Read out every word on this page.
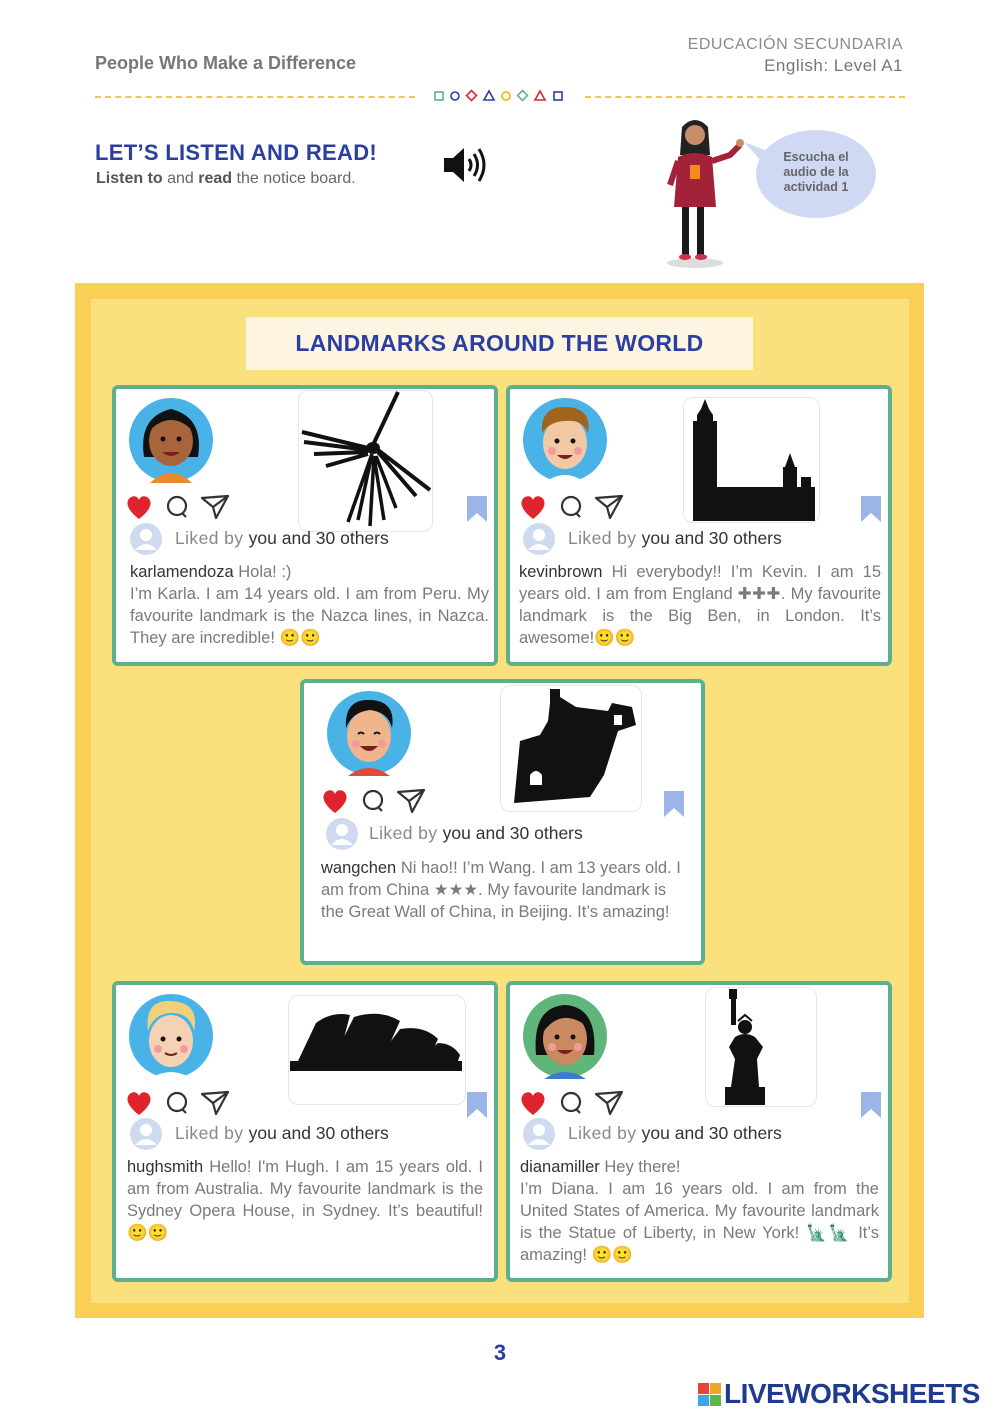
People Who Make a Difference
EDUCACIÓN SECUNDARIA
English: Level A1
LET’S LISTEN AND READ!
Listen to and read the notice board.
Escucha el
audio de la
actividad 1
LANDMARKS AROUND THE WORLD
Liked by you and 30 others
karlamendoza Hola! :)
I’m Karla. I am 14 years old. I am from Peru. My favourite landmark is the Nazca lines, in Nazca. They are incredible! 🙂🙂
Liked by you and 30 others
kevinbrown Hi everybody!! I’m Kevin. I am 15 years old. I am from England ✚✚✚. My favourite landmark is the Big Ben, in London. It’s awesome!🙂🙂
Liked by you and 30 others
wangchen Ni hao!! I’m Wang. I am 13 years old. I am from China ★★★. My favourite landmark is the Great Wall of China, in Beijing. It’s amazing!
Liked by you and 30 others
hughsmith Hello! I'm Hugh. I am 15 years old. I am from Australia. My favourite landmark is the Sydney Opera House, in Sydney. It’s beautiful! 🙂🙂
Liked by you and 30 others
dianamiller Hey there!
I’m Diana. I am 16 years old. I am from the United States of America. My favourite landmark is the Statue of Liberty, in New York! 🗽🗽 It’s amazing! 🙂🙂
3
LIVEWORKSHEETS
